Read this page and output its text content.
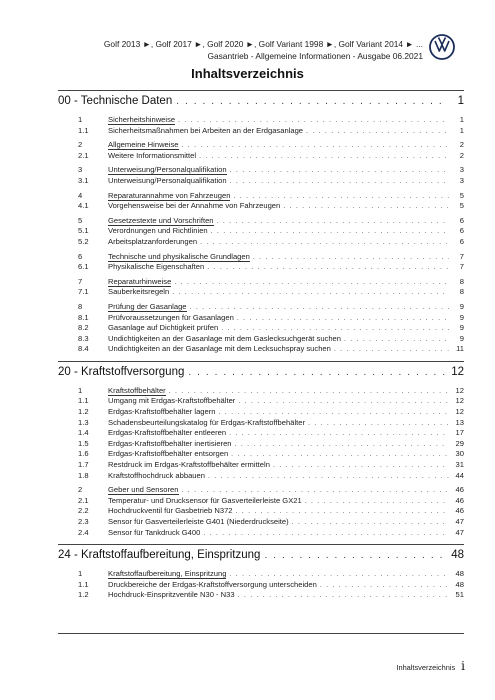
Golf 2013 ►, Golf 2017 ►, Golf 2020 ►, Golf Variant 1998 ►, Golf Variant 2014 ► ...
Gasantrieb - Allgemeine Informationen - Ausgabe 06.2021
Inhaltsverzeichnis
00 - Technische Daten . . .	1
1	Sicherheitshinweise . . .	1
1.1	Sicherheitsmaßnahmen bei Arbeiten an der Erdgasanlage . . .	1
2	Allgemeine Hinweise . . .	2
2.1	Weitere Informationsmittel . . .	2
3	Unterweisung/Personalqualifikation . . .	3
3.1	Unterweisung/Personalqualifikation . . .	3
4	Reparaturannahme von Fahrzeugen . . .	5
4.1	Vorgehensweise bei der Annahme von Fahrzeugen . . .	5
5	Gesetzestexte und Vorschriften . . .	6
5.1	Verordnungen und Richtlinien . . .	6
5.2	Arbeitsplatzanforderungen . . .	6
6	Technische und physikalische Grundlagen . . .	7
6.1	Physikalische Eigenschaften . . .	7
7	Reparaturhinweise . . .	8
7.1	Sauberkeitsregeln . . .	8
8	Prüfung der Gasanlage . . .	9
8.1	Prüfvoraussetzungen für Gasanlagen . . .	9
8.2	Gasanlage auf Dichtigkeit prüfen . . .	9
8.3	Undichtigkeiten an der Gasanlage mit dem Gaslecksuchgerät suchen . . .	9
8.4	Undichtigkeiten an der Gasanlage mit dem Lecksuchspray suchen . . .	11
20 - Kraftstoffversorgung . . .	12
1	Kraftstoffbehälter . . .	12
1.1	Umgang mit Erdgas-Kraftstoffbehälter . . .	12
1.2	Erdgas-Kraftstoffbehälter lagern . . .	12
1.3	Schadensbeurteilungskatalog für Erdgas-Kraftstoffbehälter . . .	13
1.4	Erdgas-Kraftstoffbehälter entleeren . . .	17
1.5	Erdgas-Kraftstoffbehälter inertisieren . . .	29
1.6	Erdgas-Kraftstoffbehälter entsorgen . . .	30
1.7	Restdruck im Erdgas-Kraftstoffbehälter ermitteln . . .	31
1.8	Kraftstoffhochdruck abbauen . . .	44
2	Geber und Sensoren . . .	46
2.1	Temperatur- und Drucksensor für Gasverteilerleiste GX21 . . .	46
2.2	Hochdruckventil für Gasbetrieb N372 . . .	46
2.3	Sensor für Gasverteilerleiste G401 (Niederdruckseite) . . .	47
2.4	Sensor für Tankdruck G400 . . .	47
24 - Kraftstoffaufbereitung, Einspritzung . . .	48
1	Kraftstoffaufbereitung, Einspritzung . . .	48
1.1	Druckbereiche der Erdgas-Kraftstoffversorgung unterscheiden . . .	48
1.2	Hochdruck-Einspritzventile N30 - N33 . . .	51
Inhaltsverzeichnis i
